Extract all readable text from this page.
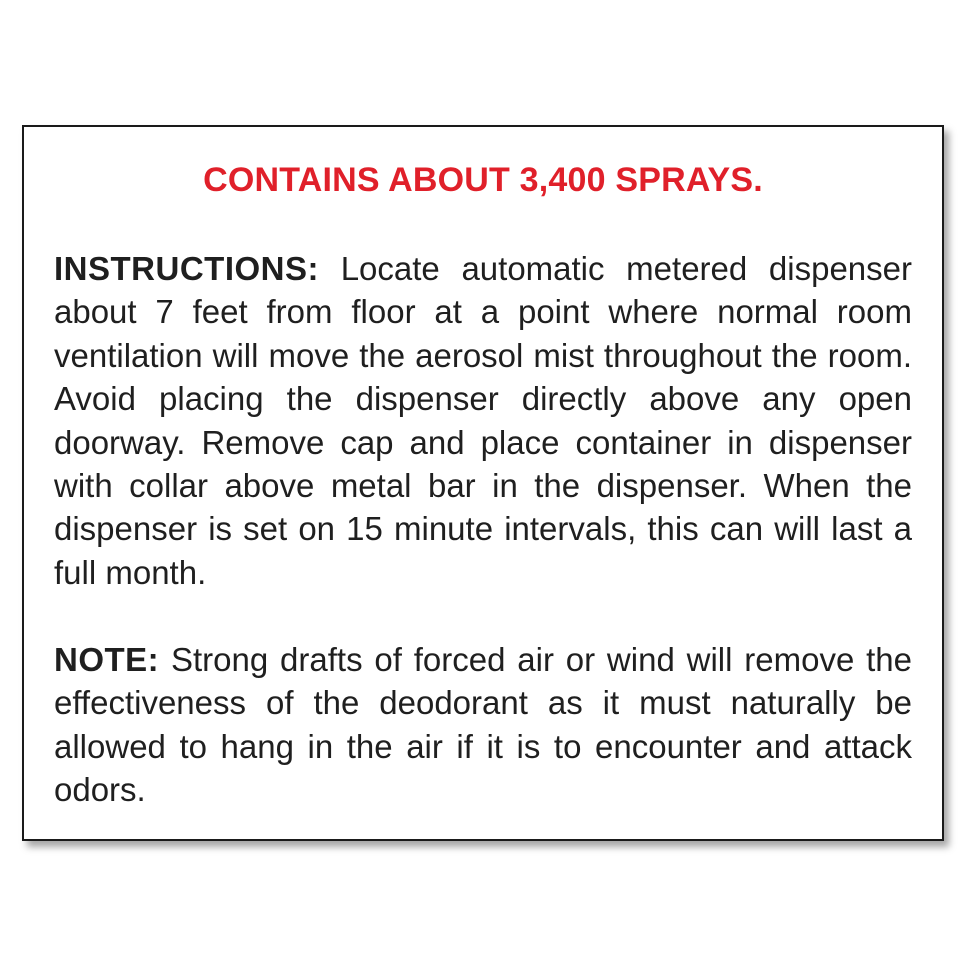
CONTAINS ABOUT 3,400 SPRAYS.
INSTRUCTIONS: Locate automatic metered dispenser about 7 feet from floor at a point where normal room ventilation will move the aerosol mist throughout the room. Avoid placing the dispenser directly above any open doorway. Remove cap and place container in dispenser with collar above metal bar in the dispenser. When the dispenser is set on 15 minute intervals, this can will last a full month.
NOTE: Strong drafts of forced air or wind will remove the effectiveness of the deodorant as it must naturally be allowed to hang in the air if it is to encounter and attack odors.
